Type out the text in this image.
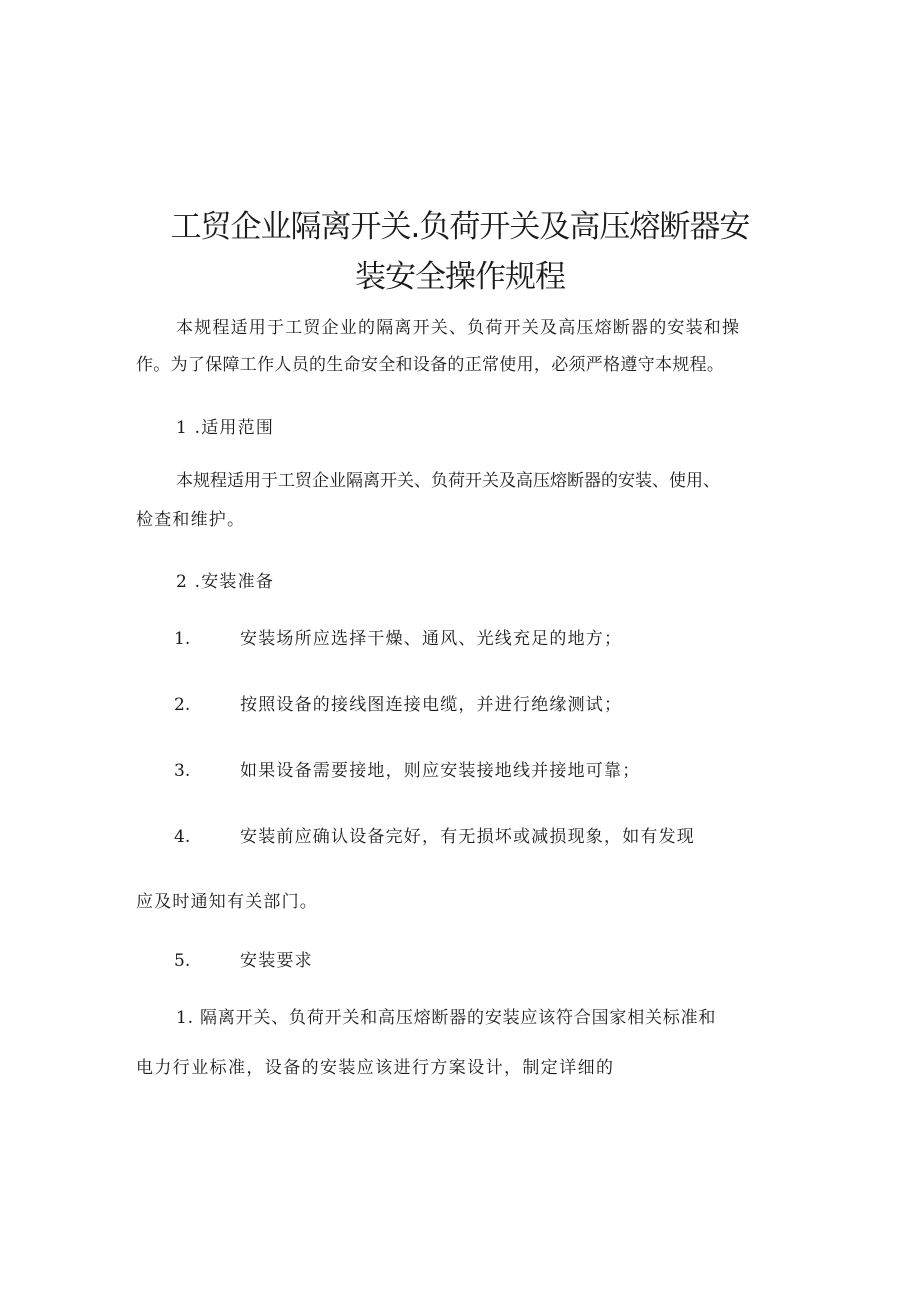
工贸企业隔离开关.负荷开关及高压熔断器安
装安全操作规程
本规程适用于工贸企业的隔离开关、负荷开关及高压熔断器的安装和操
作。为了保障工作人员的生命安全和设备的正常使用，必须严格遵守本规程。
1 .适用范围
本规程适用于工贸企业隔离开关、负荷开关及高压熔断器的安装、使用、
检查和维护。
2 .安装准备
1.	安装场所应选择干燥、通风、光线充足的地方；
2.	按照设备的接线图连接电缆，并进行绝缘测试；
3.	如果设备需要接地，则应安装接地线并接地可靠；
4.	安装前应确认设备完好，有无损坏或减损现象，如有发现
应及时通知有关部门。
5.	安装要求
1. 隔离开关、负荷开关和高压熔断器的安装应该符合国家相关标准和
电力行业标准，设备的安装应该进行方案设计，制定详细的
